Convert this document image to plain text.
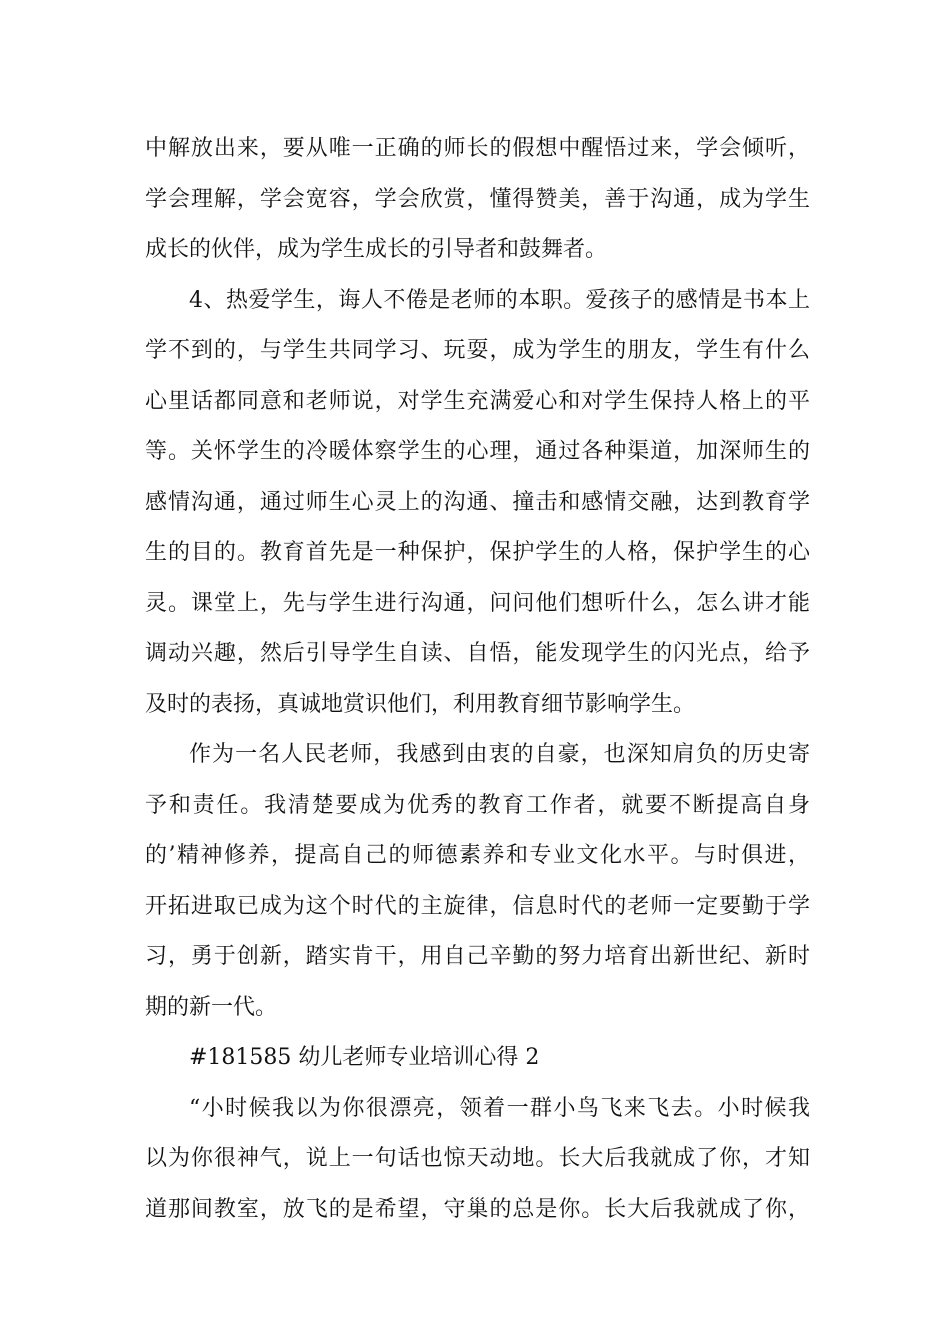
中解放出来，要从唯一正确的师长的假想中醒悟过来，学会倾听，
学会理解，学会宽容，学会欣赏，懂得赞美，善于沟通，成为学生
成长的伙伴，成为学生成长的引导者和鼓舞者。
4、热爱学生，诲人不倦是老师的本职。爱孩子的感情是书本上
学不到的，与学生共同学习、玩耍，成为学生的朋友，学生有什么
心里话都同意和老师说，对学生充满爱心和对学生保持人格上的平
等。关怀学生的冷暖体察学生的心理，通过各种渠道，加深师生的
感情沟通，通过师生心灵上的沟通、撞击和感情交融，达到教育学
生的目的。教育首先是一种保护，保护学生的人格，保护学生的心
灵。课堂上，先与学生进行沟通，问问他们想听什么，怎么讲才能
调动兴趣，然后引导学生自读、自悟，能发现学生的闪光点，给予
及时的表扬，真诚地赏识他们，利用教育细节影响学生。
作为一名人民老师，我感到由衷的自豪，也深知肩负的历史寄
予和责任。我清楚要成为优秀的教育工作者，就要不断提高自身
的’精神修养，提高自己的师德素养和专业文化水平。与时俱进，
开拓进取已成为这个时代的主旋律，信息时代的老师一定要勤于学
习，勇于创新，踏实肯干，用自己辛勤的努力培育出新世纪、新时
期的新一代。
#181585 幼儿老师专业培训心得 2
“小时候我以为你很漂亮，领着一群小鸟飞来飞去。小时候我
以为你很神气，说上一句话也惊天动地。长大后我就成了你，才知
道那间教室，放飞的是希望，守巢的总是你。长大后我就成了你，
